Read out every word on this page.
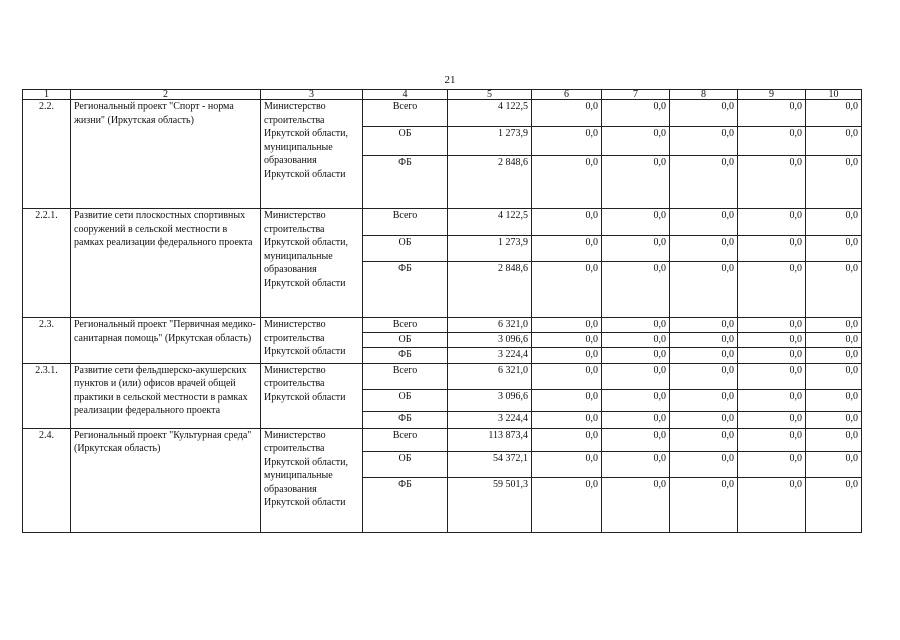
21
1	2	3	4	5	6	7	8	9	10
2.2.	Региональный проект "Спорт - норма жизни" (Иркутская область)	Министерство строительства Иркутской области, муниципальные образования Иркутской области	Всего	4 122,5	0,0	0,0	0,0	0,0	0,0
			ОБ	1 273,9	0,0	0,0	0,0	0,0	0,0
			ФБ	2 848,6	0,0	0,0	0,0	0,0	0,0
2.2.1.	Развитие сети плоскостных спортивных сооружений в сельской местности в рамках реализации федерального проекта	Министерство строительства Иркутской области, муниципальные образования Иркутской области	Всего	4 122,5	0,0	0,0	0,0	0,0	0,0
			ОБ	1 273,9	0,0	0,0	0,0	0,0	0,0
			ФБ	2 848,6	0,0	0,0	0,0	0,0	0,0
2.3.	Региональный проект "Первичная медико-санитарная помощь" (Иркутская область)	Министерство строительства Иркутской области	Всего	6 321,0	0,0	0,0	0,0	0,0	0,0
			ОБ	3 096,6	0,0	0,0	0,0	0,0	0,0
			ФБ	3 224,4	0,0	0,0	0,0	0,0	0,0
2.3.1.	Развитие сети фельдшерско-акушерских пунктов и (или) офисов врачей общей практики в сельской местности в рамках реализации федерального проекта	Министерство строительства Иркутской области	Всего	6 321,0	0,0	0,0	0,0	0,0	0,0
			ОБ	3 096,6	0,0	0,0	0,0	0,0	0,0
			ФБ	3 224,4	0,0	0,0	0,0	0,0	0,0
2.4.	Региональный проект "Культурная среда" (Иркутская область)	Министерство строительства Иркутской области, муниципальные образования Иркутской области	Всего	113 873,4	0,0	0,0	0,0	0,0	0,0
			ОБ	54 372,1	0,0	0,0	0,0	0,0	0,0
			ФБ	59 501,3	0,0	0,0	0,0	0,0	0,0
